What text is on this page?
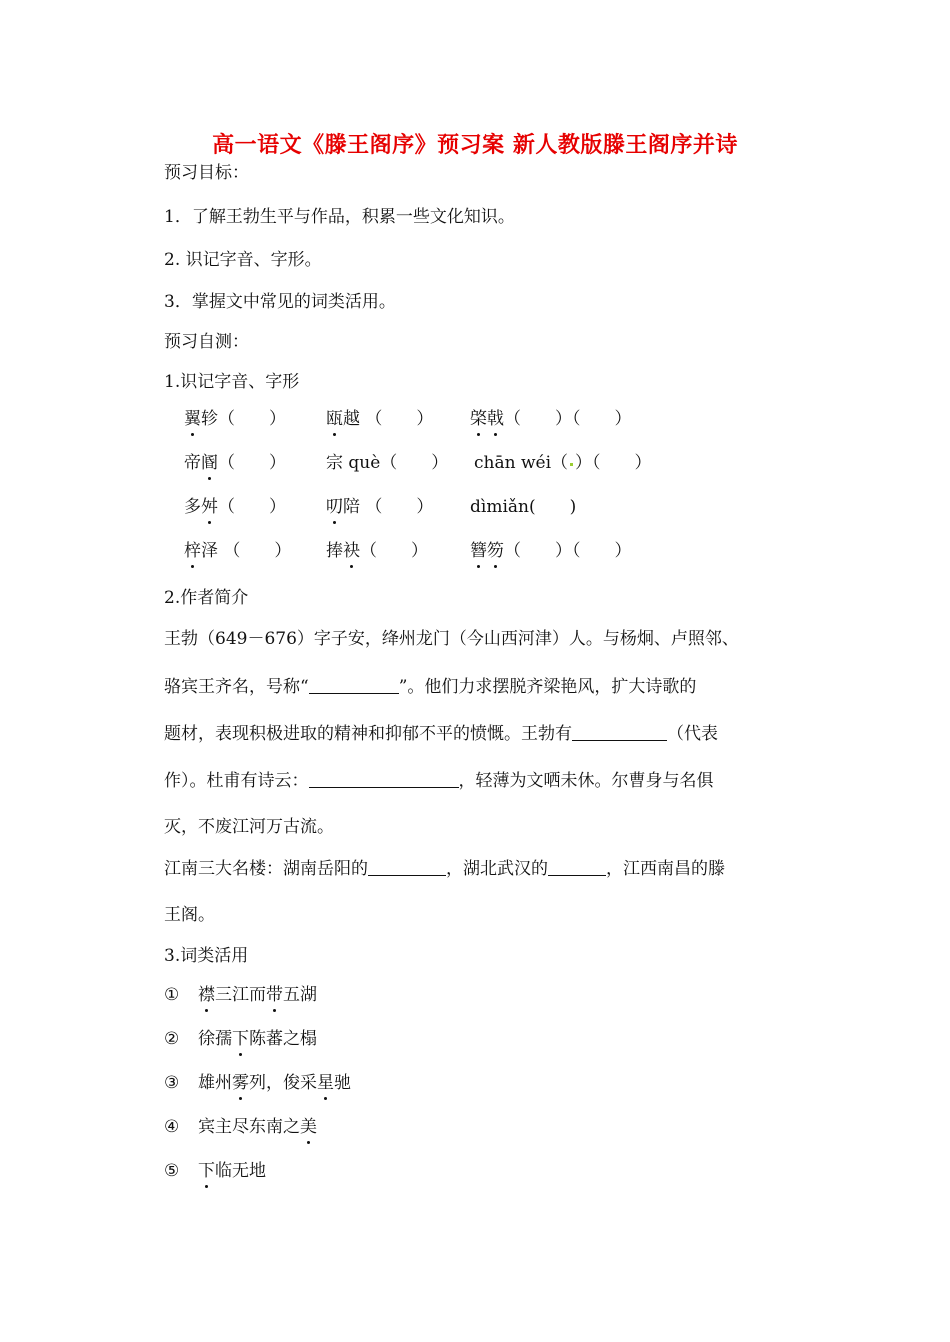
高一语文《滕王阁序》预习案 新人教版滕王阁序并诗
预习目标：
1．了解王勃生平与作品，积累一些文化知识。
2. 识记字音、字形。
3．掌握文中常见的词类活用。
预习自测：
1.识记字音、字形
翼轸（　　） 瓯越 （　　） 棨戟（　　）（　　）
帝阍（　　） 宗 què（　　） chān wéi（ ）（　　）
多舛（　　） 叨陪 （　　） dìmiǎn(　　)
梓泽 （　　） 捧袂（　　） 簪笏（　　）（　　）
2.作者简介
王勃（649－676）字子安，绛州龙门（今山西河津）人。与杨炯、卢照邻、
骆宾王齐名，号称“	”。他们力求摆脱齐梁艳风，扩大诗歌的
题材，表现积极进取的精神和抑郁不平的愤慨。王勃有	（代表
作）。杜甫有诗云：	，轻薄为文哂未休。尔曹身与名俱
灭，不废江河万古流。
江南三大名楼：湖南岳阳的	，湖北武汉的	，江西南昌的滕
王阁。
3.词类活用
① 襟三江而带五湖
② 徐孺下陈蕃之榻
③ 雄州雾列，俊采星驰
④ 宾主尽东南之美
⑤ 下临无地
